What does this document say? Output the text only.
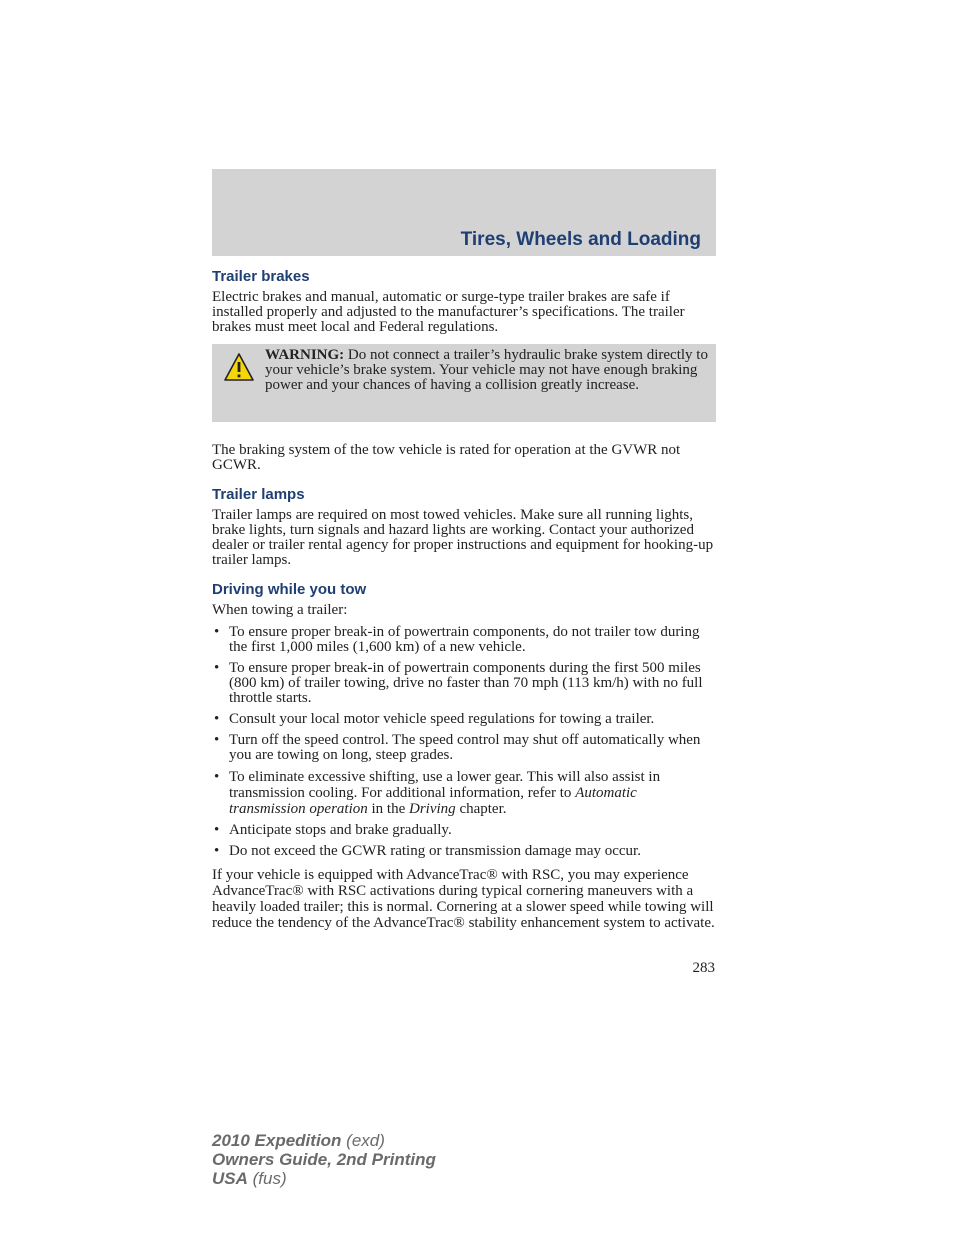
Tires, Wheels and Loading
Trailer brakes

Electric brakes and manual, automatic or surge-type trailer brakes are safe if installed properly and adjusted to the manufacturer’s specifications. The trailer brakes must meet local and Federal regulations.

WARNING: Do not connect a trailer’s hydraulic brake system directly to your vehicle’s brake system. Your vehicle may not have enough braking power and your chances of having a collision greatly increase.

The braking system of the tow vehicle is rated for operation at the GVWR not GCWR.

Trailer lamps

Trailer lamps are required on most towed vehicles. Make sure all running lights, brake lights, turn signals and hazard lights are working. Contact your authorized dealer or trailer rental agency for proper instructions and equipment for hooking-up trailer lamps.

Driving while you tow

When towing a trailer:

• To ensure proper break-in of powertrain components, do not trailer tow during the first 1,000 miles (1,600 km) of a new vehicle.
• To ensure proper break-in of powertrain components during the first 500 miles (800 km) of trailer towing, drive no faster than 70 mph (113 km/h) with no full throttle starts.
• Consult your local motor vehicle speed regulations for towing a trailer.
• Turn off the speed control. The speed control may shut off automatically when you are towing on long, steep grades.
• To eliminate excessive shifting, use a lower gear. This will also assist in transmission cooling. For additional information, refer to Automatic transmission operation in the Driving chapter.
• Anticipate stops and brake gradually.
• Do not exceed the GCWR rating or transmission damage may occur.

If your vehicle is equipped with AdvanceTrac® with RSC, you may experience AdvanceTrac® with RSC activations during typical cornering maneuvers with a heavily loaded trailer; this is normal. Cornering at a slower speed while towing will reduce the tendency of the AdvanceTrac® stability enhancement system to activate.

283
2010 Expedition (exd)
Owners Guide, 2nd Printing
USA (fus)
